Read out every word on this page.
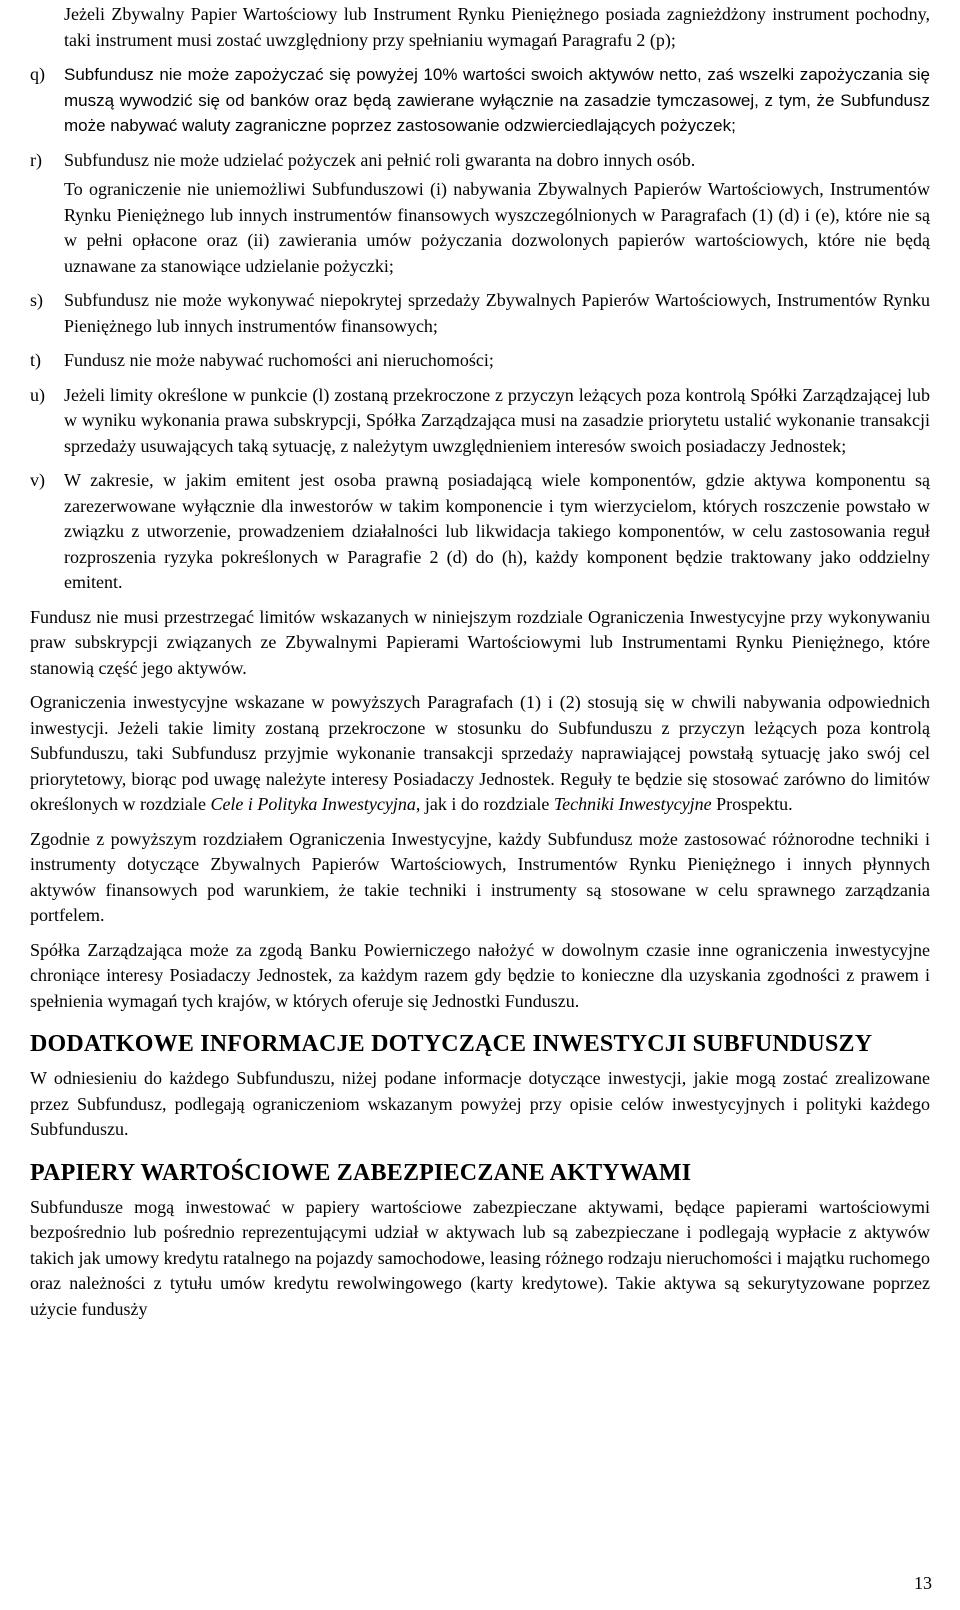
Jeżeli Zbywalny Papier Wartościowy lub Instrument Rynku Pieniężnego posiada zagnieżdżony instrument pochodny, taki instrument musi zostać uwzględniony przy spełnianiu wymagań Paragrafu 2 (p);

q)	Subfundusz nie może zapożyczać się powyżej 10% wartości swoich aktywów netto, zaś wszelki zapożyczania się muszą wywodzić się od banków oraz będą zawierane wyłącznie na zasadzie tymczasowej, z tym, że Subfundusz może nabywać waluty zagraniczne poprzez zastosowanie odzwierciedlających pożyczek;

r)	Subfundusz nie może udzielać pożyczek ani pełnić roli gwaranta na dobro innych osób.

To ograniczenie nie uniemożliwi Subfunduszowi (i) nabywania Zbywalnych Papierów Wartościowych, Instrumentów Rynku Pieniężnego lub innych instrumentów finansowych wyszczególnionych w Paragrafach (1) (d) i (e), które nie są w pełni opłacone oraz (ii) zawierania umów pożyczania dozwolonych papierów wartościowych, które nie będą uznawane za stanowiące udzielanie pożyczki;

s)	Subfundusz nie może wykonywać niepokrytej sprzedaży Zbywalnych Papierów Wartościowych, Instrumentów Rynku Pieniężnego lub innych instrumentów finansowych;

t)	Fundusz nie może nabywać ruchomości ani nieruchomości;

u)	Jeżeli limity określone w punkcie (l) zostaną przekroczone z przyczyn leżących poza kontrolą Spółki Zarządzającej lub w wyniku wykonania prawa subskrypcji, Spółka Zarządzająca musi na zasadzie priorytetu ustalić wykonanie transakcji sprzedaży usuwających taką sytuację, z należytym uwzględnieniem interesów swoich posiadaczy Jednostek;

v)	W zakresie, w jakim emitent jest osoba prawną posiadającą wiele komponentów, gdzie aktywa komponentu są zarezerwowane wyłącznie dla inwestorów w takim komponencie i tym wierzycielom, których roszczenie powstało w związku z utworzenie, prowadzeniem działalności lub likwidacja takiego komponentów, w celu zastosowania reguł rozproszenia ryzyka pokreślonych w Paragrafie 2 (d) do (h), każdy komponent będzie traktowany jako oddzielny emitent.

Fundusz nie musi przestrzegać limitów wskazanych w niniejszym rozdziale Ograniczenia Inwestycyjne przy wykonywaniu praw subskrypcji związanych ze Zbywalnymi Papierami Wartościowymi lub Instrumentami Rynku Pieniężnego, które stanowią część jego aktywów.

Ograniczenia inwestycyjne wskazane w powyższych Paragrafach (1) i (2) stosują się w chwili nabywania odpowiednich inwestycji. Jeżeli takie limity zostaną przekroczone w stosunku do Subfunduszu z przyczyn leżących poza kontrolą Subfunduszu, taki Subfundusz przyjmie wykonanie transakcji sprzedaży naprawiającej powstałą sytuację jako swój cel priorytetowy, biorąc pod uwagę należyte interesy Posiadaczy Jednostek. Reguły te będzie się stosować zarówno do limitów określonych w rozdziale Cele i Polityka Inwestycyjna, jak i do rozdziale Techniki Inwestycyjne Prospektu.

Zgodnie z powyższym rozdziałem Ograniczenia Inwestycyjne, każdy Subfundusz może zastosować różnorodne techniki i instrumenty dotyczące Zbywalnych Papierów Wartościowych, Instrumentów Rynku Pieniężnego i innych płynnych aktywów finansowych pod warunkiem, że takie techniki i instrumenty są stosowane w celu sprawnego zarządzania portfelem.

Spółka Zarządzająca może za zgodą Banku Powierniczego nałożyć w dowolnym czasie inne ograniczenia inwestycyjne chroniące interesy Posiadaczy Jednostek, za każdym razem gdy będzie to konieczne dla uzyskania zgodności z prawem i spełnienia wymagań tych krajów, w których oferuje się Jednostki Funduszu.

DODATKOWE INFORMACJE DOTYCZĄCE INWESTYCJI SUBFUNDUSZY

W odniesieniu do każdego Subfunduszu, niżej podane informacje dotyczące inwestycji, jakie mogą zostać zrealizowane przez Subfundusz, podlegają ograniczeniom wskazanym powyżej przy opisie celów inwestycyjnych i polityki każdego Subfunduszu.

PAPIERY WARTOŚCIOWE ZABEZPIECZANE AKTYWAMI

Subfundusze mogą inwestować w papiery wartościowe zabezpieczane aktywami, będące papierami wartościowymi bezpośrednio lub pośrednio reprezentującymi udział w aktywach lub są zabezpieczane i podlegają wypłacie z aktywów takich jak umowy kredytu ratalnego na pojazdy samochodowe, leasing różnego rodzaju nieruchomości i majątku ruchomego oraz należności z tytułu umów kredytu rewolwingowego (karty kredytowe). Takie aktywa są sekurytyzowane poprzez użycie fundusży

13
